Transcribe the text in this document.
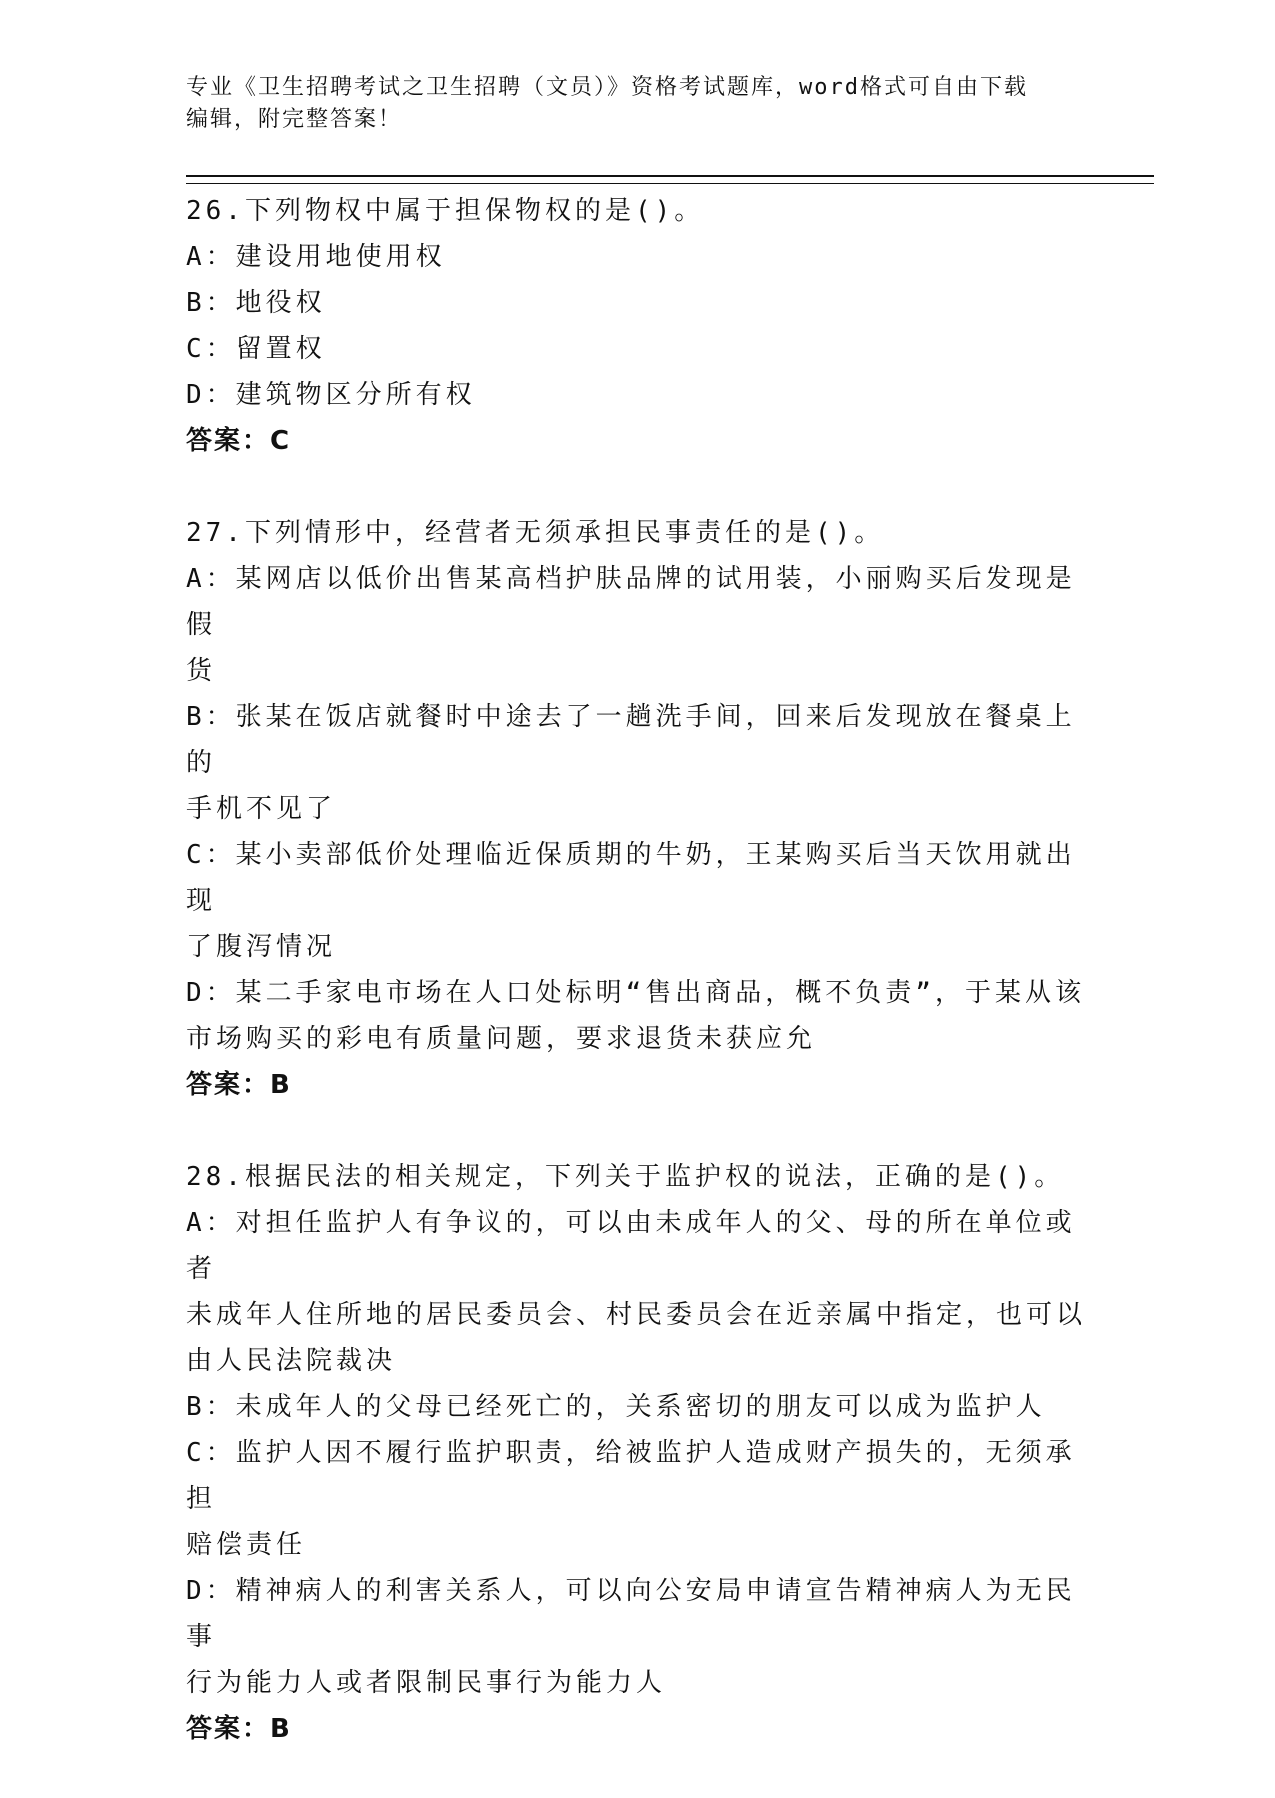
专业《卫生招聘考试之卫生招聘（文员）》资格考试题库，word格式可自由下载
编辑，附完整答案！
26.下列物权中属于担保物权的是()。
A：建设用地使用权
B：地役权
C：留置权
D：建筑物区分所有权
答案：C
27.下列情形中，经营者无须承担民事责任的是()。
A：某网店以低价出售某高档护肤品牌的试用装，小丽购买后发现是假
货
B：张某在饭店就餐时中途去了一趟洗手间，回来后发现放在餐桌上的
手机不见了
C：某小卖部低价处理临近保质期的牛奶，王某购买后当天饮用就出现
了腹泻情况
D：某二手家电市场在人口处标明“售出商品，概不负责”，于某从该
市场购买的彩电有质量问题，要求退货未获应允
答案：B
28.根据民法的相关规定，下列关于监护权的说法，正确的是()。
A：对担任监护人有争议的，可以由未成年人的父、母的所在单位或者
未成年人住所地的居民委员会、村民委员会在近亲属中指定，也可以
由人民法院裁决
B：未成年人的父母已经死亡的，关系密切的朋友可以成为监护人
C：监护人因不履行监护职责，给被监护人造成财产损失的，无须承担
赔偿责任
D：精神病人的利害关系人，可以向公安局申请宣告精神病人为无民事
行为能力人或者限制民事行为能力人
答案：B
